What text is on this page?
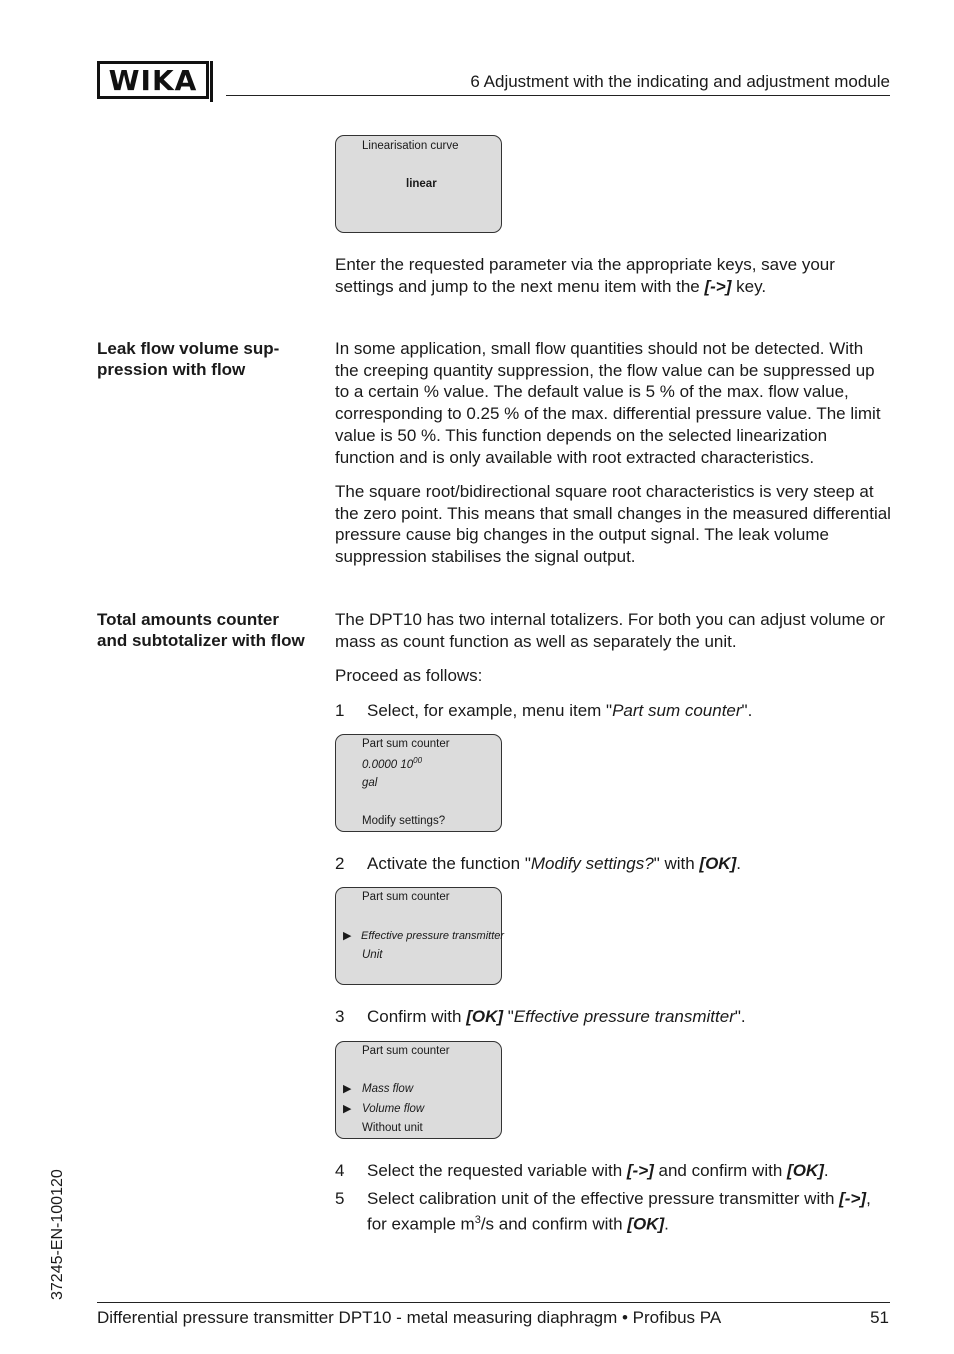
WIKA	6 Adjustment with the indicating and adjustment module
Linearisation curve
linear
Enter the requested parameter via the appropriate keys, save your settings and jump to the next menu item with the [->] key.
Leak flow volume sup-pression with flow
In some application, small flow quantities should not be detected. With the creeping quantity suppression, the flow value can be suppressed up to a certain % value. The default value is 5 % of the max. flow value, corresponding to 0.25 % of the max. differential pressure value. The limit value is 50 %. This function depends on the selected linearization function and is only available with root extracted characteristics.
The square root/bidirectional square root characteristics is very steep at the zero point. This means that small changes in the measured differential pressure cause big changes in the output signal. The leak volume suppression stabilises the signal output.
Total amounts counter and subtotalizer with flow
The DPT10 has two internal totalizers. For both you can adjust volume or mass as count function as well as separately the unit.
Proceed as follows:
1 Select, for example, menu item "Part sum counter".
Part sum counter
0.0000 $10^{00}$
gal
Modify settings?
2 Activate the function "Modify settings?" with [OK].
Part sum counter
▶ Effective pressure transmitter
Unit
3 Confirm with [OK] "Effective pressure transmitter".
Part sum counter
▶ Mass flow
▶ Volume flow
Without unit
4 Select the requested variable with [->] and confirm with [OK].
5 Select calibration unit of the effective pressure transmitter with [->], for example $m^3/s$ and confirm with [OK].
37245-EN-100120
Differential pressure transmitter DPT10 - metal measuring diaphragm • Profibus PA	51
